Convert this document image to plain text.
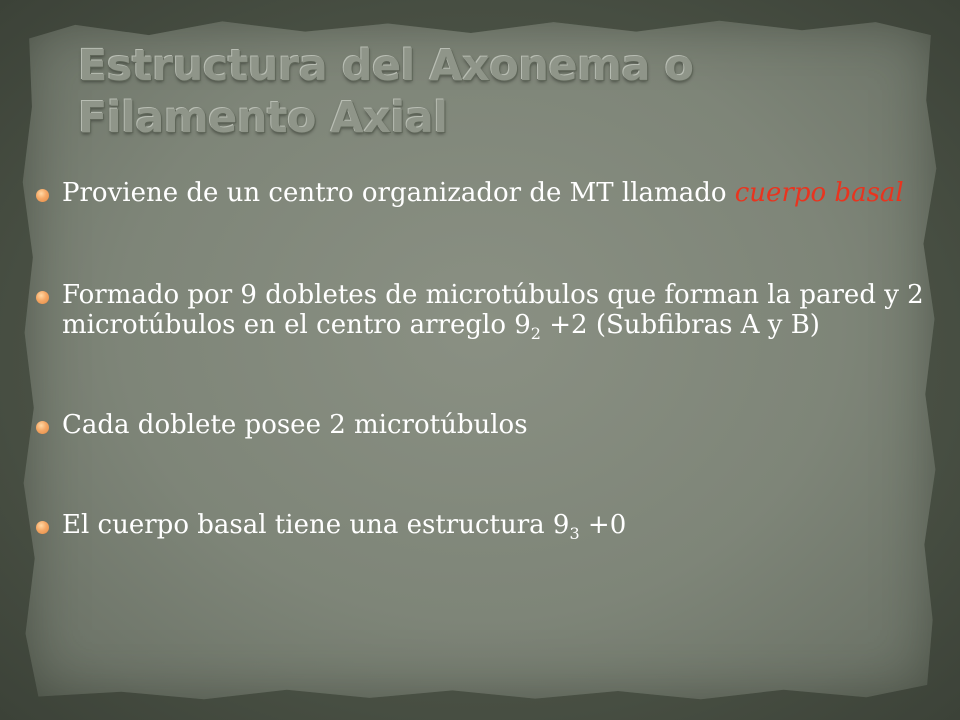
Estructura del Axonema o Filamento Axial
Proviene de un centro organizador de MT llamado cuerpo basal
Formado por 9 dobletes de microtúbulos que forman la pared y 2 microtúbulos en el centro arreglo $9_2 +2$ (Subfibras A y B)
Cada doblete posee 2 microtúbulos
El cuerpo basal tiene una estructura $9_3 +0$
